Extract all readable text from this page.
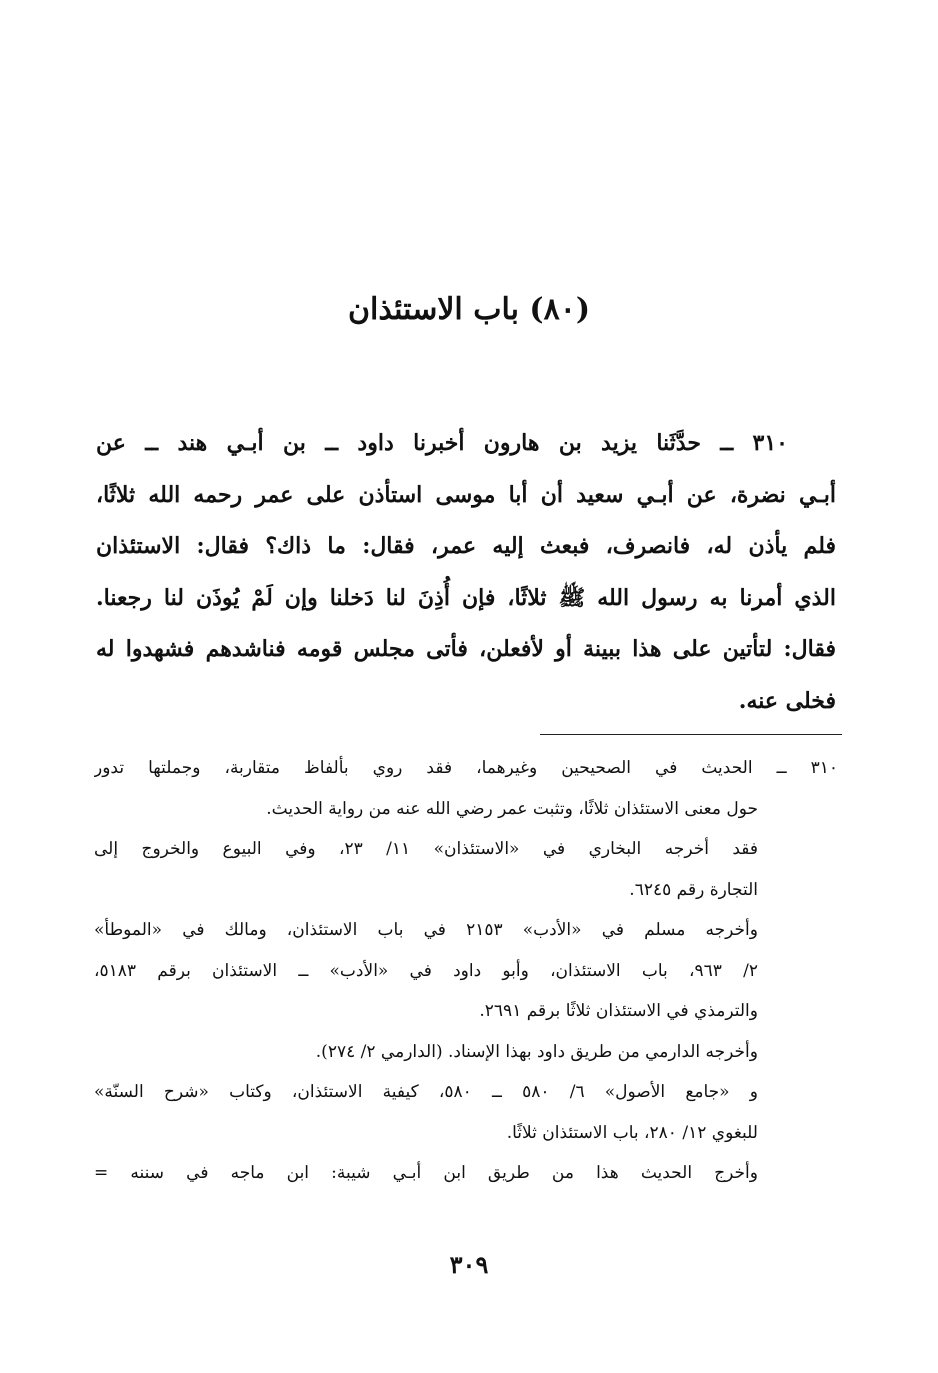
(٨٠) باب الاستئذان
٣١٠ ــ حدَّثَنا يزيد بن هارون أخبرنا داود ــ بن أبـي هند ــ عن
أبـي نضرة، عن أبـي سعيد أن أبا موسى استأذن على عمر رحمه الله ثلاثًا،
فلم يأذن له، فانصرف، فبعث إليه عمر، فقال: ما ذاك؟ فقال: الاستئذان
الذي أمرنا به رسول الله ﷺ ثلاثًا، فإن أُذِنَ لنا دَخلنا وإن لَمْ يُوذَن لنا رجعنا.
فقال: لتأتين على هذا ببينة أو لأفعلن، فأتى مجلس قومه فناشدهم فشهدوا له
فخلى عنه.
٣١٠ ــ الحديث في الصحيحين وغيرهما، فقد روي بألفاظ متقاربة، وجملتها تدور
حول معنى الاستئذان ثلاثًا، وتثبت عمر رضي الله عنه من رواية الحديث.
فقد أخرجه البخاري في «الاستئذان» ١١/ ٢٣، وفي البيوع والخروج إلى
التجارة رقم ٦٢٤٥.
وأخرجه مسلم في «الأدب» ٢١٥٣ في باب الاستئذان، ومالك في «الموطأ»
٢/ ٩٦٣، باب الاستئذان، وأبو داود في «الأدب» ــ الاستئذان برقم ٥١٨٣،
والترمذي في الاستئذان ثلاثًا برقم ٢٦٩١.
وأخرجه الدارمي من طريق داود بهذا الإسناد. (الدارمي ٢/ ٢٧٤).
و «جامع الأصول» ٦/ ٥٨٠ ــ ٥٨٠، كيفية الاستئذان، وكتاب «شرح السنّة»
للبغوي ١٢/ ٢٨٠، باب الاستئذان ثلاثًا.
وأخرج الحديث هذا من طريق ابن أبـي شيبة: ابن ماجه في سننه =
٣٠٩
